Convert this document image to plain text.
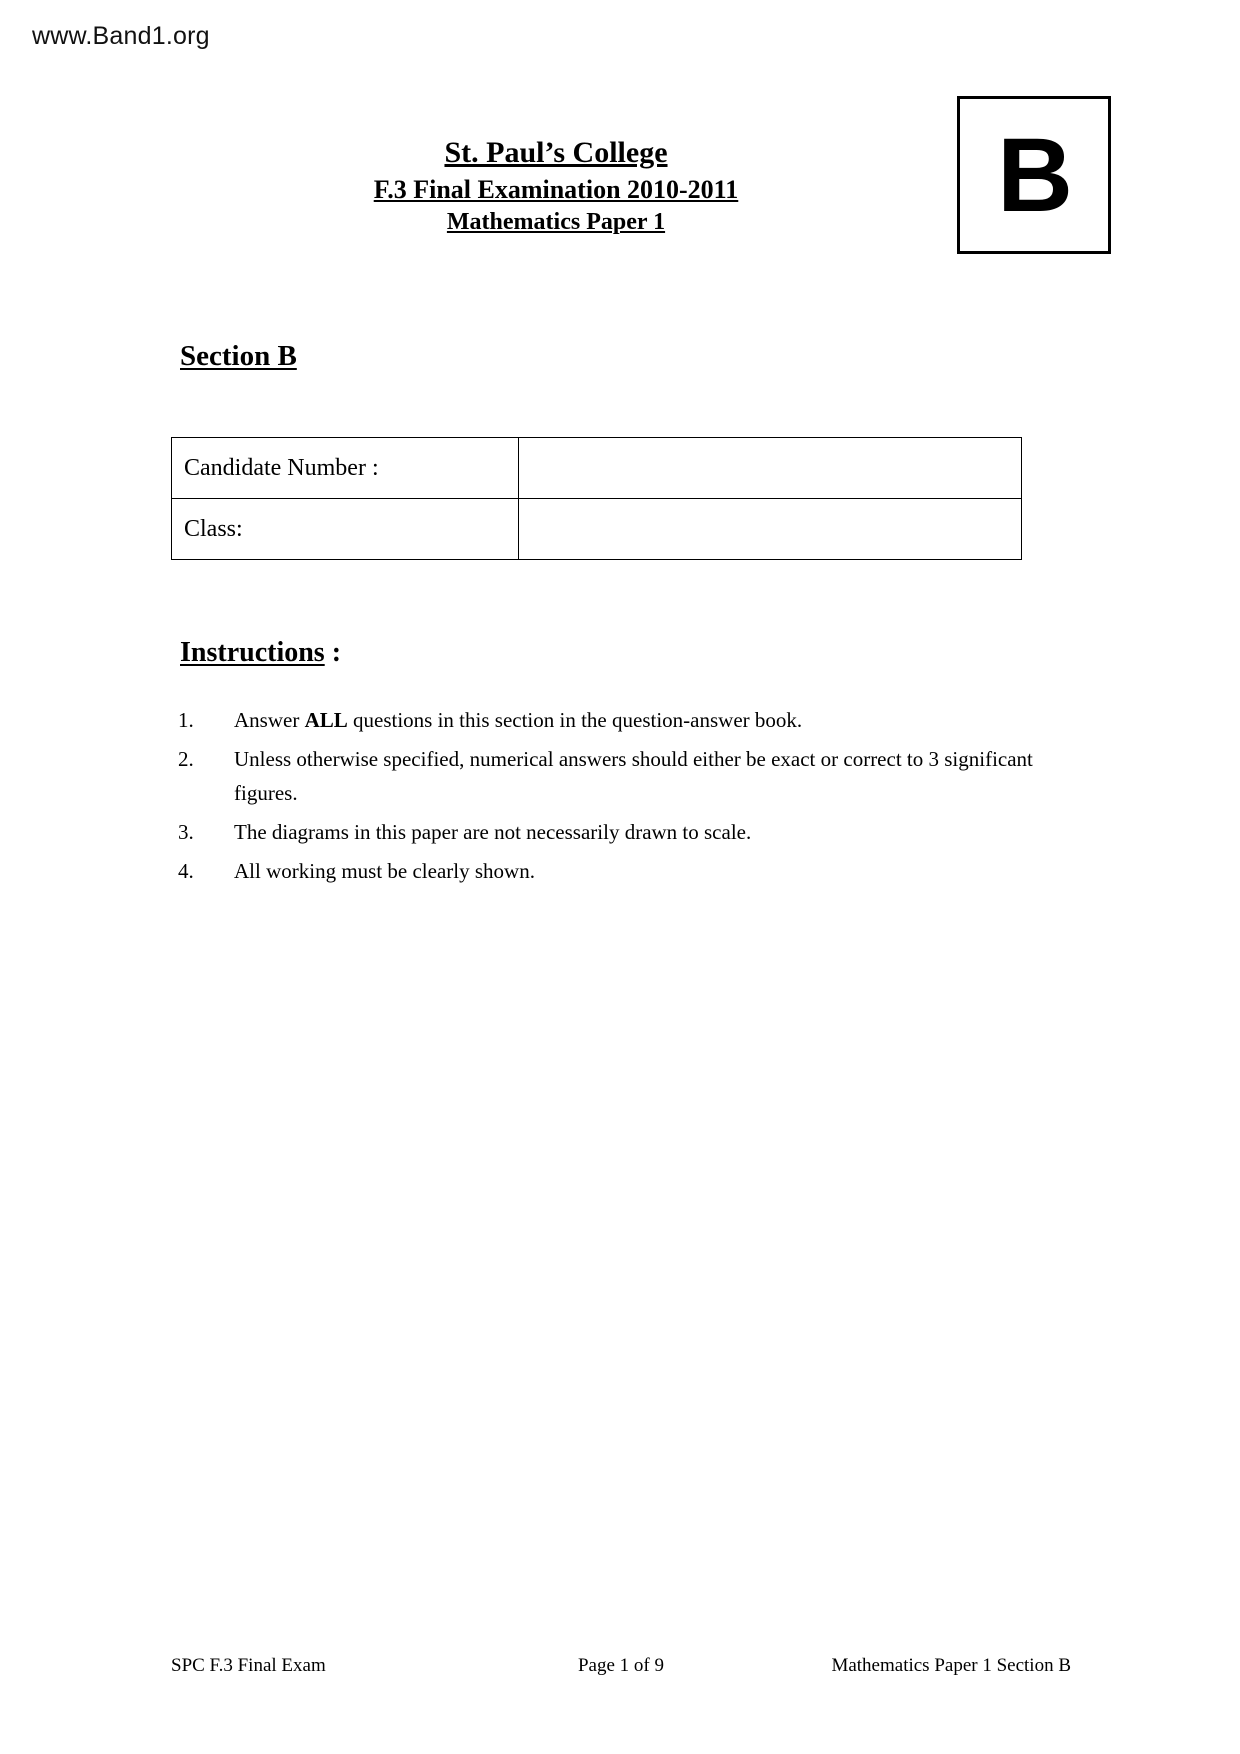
www.Band1.org
St. Paul’s College
F.3 Final Examination 2010-2011
Mathematics Paper 1	B
Section B
Candidate Number :	
Class:	
Instructions :
1.	Answer ALL questions in this section in the question-answer book.
2.	Unless otherwise specified, numerical answers should either be exact or correct to 3 significant figures.
3.	The diagrams in this paper are not necessarily drawn to scale.
4.	All working must be clearly shown.
SPC F.3 Final Exam	Page 1 of 9	Mathematics Paper 1 Section B
